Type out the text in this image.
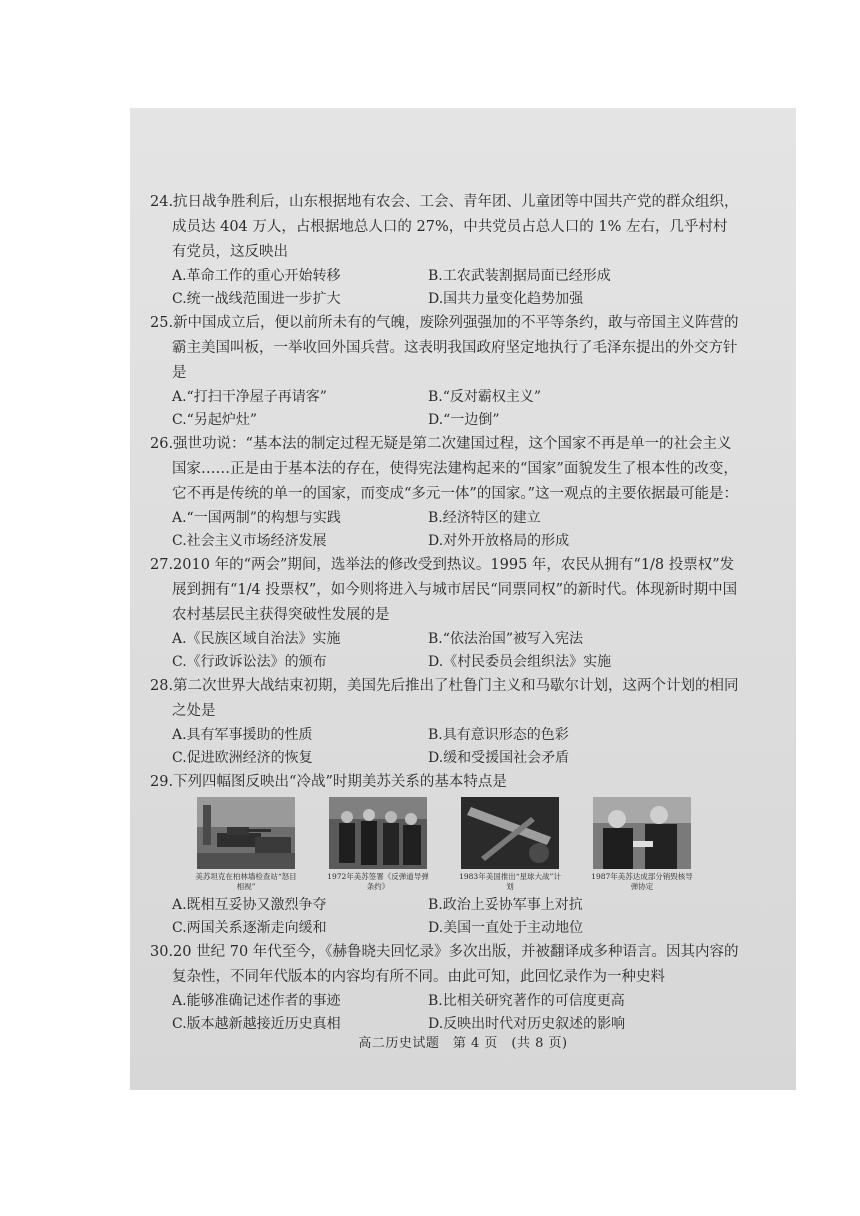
24.抗日战争胜利后，山东根据地有农会、工会、青年团、儿童团等中国共产党的群众组织，成员达 404 万人，占根据地总人口的 27%，中共党员占总人口的 1% 左右，几乎村村有党员，这反映出
A.革命工作的重心开始转移	B.工农武装割据局面已经形成
C.统一战线范围进一步扩大	D.国共力量变化趋势加强
25.新中国成立后，便以前所未有的气魄，废除列强强加的不平等条约，敢与帝国主义阵营的霸主美国叫板，一举收回外国兵营。这表明我国政府坚定地执行了毛泽东提出的外交方针是
A.“打扫干净屋子再请客”	B.“反对霸权主义”
C.“另起炉灶”	D.“一边倒”
26.强世功说：“基本法的制定过程无疑是第二次建国过程，这个国家不再是单一的社会主义国家……正是由于基本法的存在，使得宪法建构起来的“国家”面貌发生了根本性的改变，它不再是传统的单一的国家，而变成“多元一体”的国家。”这一观点的主要依据最可能是：
A.“一国两制”的构想与实践	B.经济特区的建立
C.社会主义市场经济发展	D.对外开放格局的形成
27.2010 年的“两会”期间，选举法的修改受到热议。1995 年，农民从拥有“1/8 投票权”发展到拥有“1/4 投票权”，如今则将进入与城市居民“同票同权”的新时代。体现新时期中国农村基层民主获得突破性发展的是
A.《民族区域自治法》实施	B.“依法治国”被写入宪法
C.《行政诉讼法》的颁布	D.《村民委员会组织法》实施
28.第二次世界大战结束初期，美国先后推出了杜鲁门主义和马歇尔计划，这两个计划的相同之处是
A.具有军事援助的性质	B.具有意识形态的色彩
C.促进欧洲经济的恢复	D.缓和受援国社会矛盾
29.下列四幅图反映出“冷战”时期美苏关系的基本特点是
美苏坦克在柏林墙检查站“怒目相视”
1972年美苏签署《反弹道导弹条约》
1983年美国推出“星球大战”计划
1987年美苏达成部分销毁核导弹协定
A.既相互妥协又激烈争夺	B.政治上妥协军事上对抗
C.两国关系逐渐走向缓和	D.美国一直处于主动地位
30.20 世纪 70 年代至今，《赫鲁晓夫回忆录》多次出版，并被翻译成多种语言。因其内容的复杂性，不同年代版本的内容均有所不同。由此可知，此回忆录作为一种史料
A.能够准确记述作者的事迹	B.比相关研究著作的可信度更高
C.版本越新越接近历史真相	D.反映出时代对历史叙述的影响
高二历史试题　第 4 页　(共 8 页)
